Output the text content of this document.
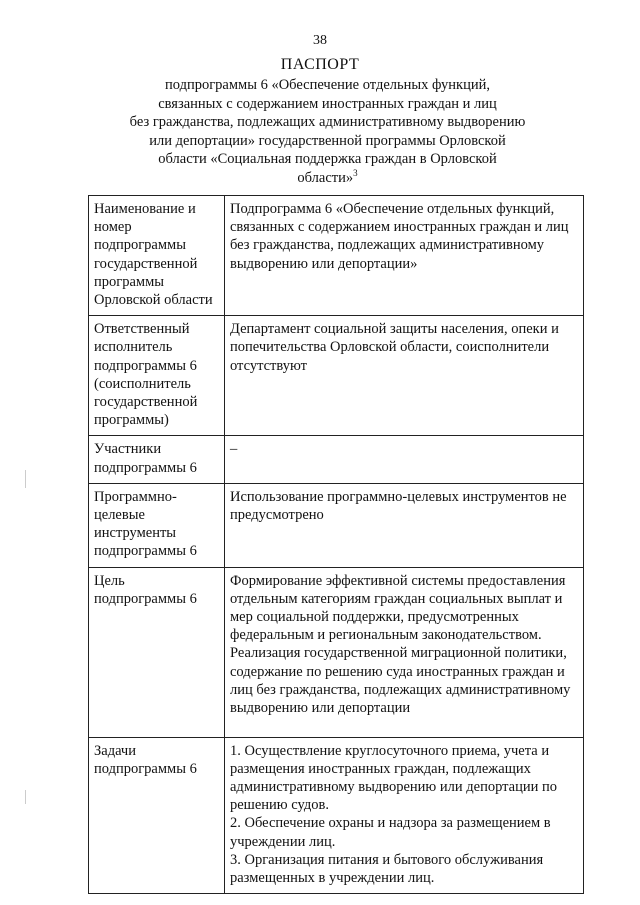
38
ПАСПОРТ
подпрограммы 6 «Обеспечение отдельных функций,
связанных с содержанием иностранных граждан и лиц
без гражданства, подлежащих административному выдворению
или депортации» государственной программы Орловской
области «Социальная поддержка граждан в Орловской
области»$^3$
Наименование и номер подпрограммы государственной программы Орловской области	Подпрограмма 6 «Обеспечение отдельных функций, связанных с содержанием иностранных граждан и лиц без гражданства, подлежащих административному выдворению или депортации»
Ответственный исполнитель подпрограммы 6 (соисполнитель государственной программы)	Департамент социальной защиты населения, опеки и попечительства Орловской области, соисполнители отсутствуют
Участники подпрограммы 6	–
Программно-целевые инструменты подпрограммы 6	Использование программно-целевых инструментов не предусмотрено
Цель подпрограммы 6	Формирование эффективной системы предоставления отдельным категориям граждан социальных выплат и мер социальной поддержки, предусмотренных федеральным и региональным законодательством.
Реализация государственной миграционной политики, содержание по решению суда иностранных граждан и лиц без гражданства, подлежащих административному выдворению или депортации
Задачи подпрограммы 6	1. Осуществление круглосуточного приема, учета и размещения иностранных граждан, подлежащих административному выдворению или депортации по решению судов.
2. Обеспечение охраны и надзора за размещением в учреждении лиц.
3. Организация питания и бытового обслуживания размещенных в учреждении лиц.
